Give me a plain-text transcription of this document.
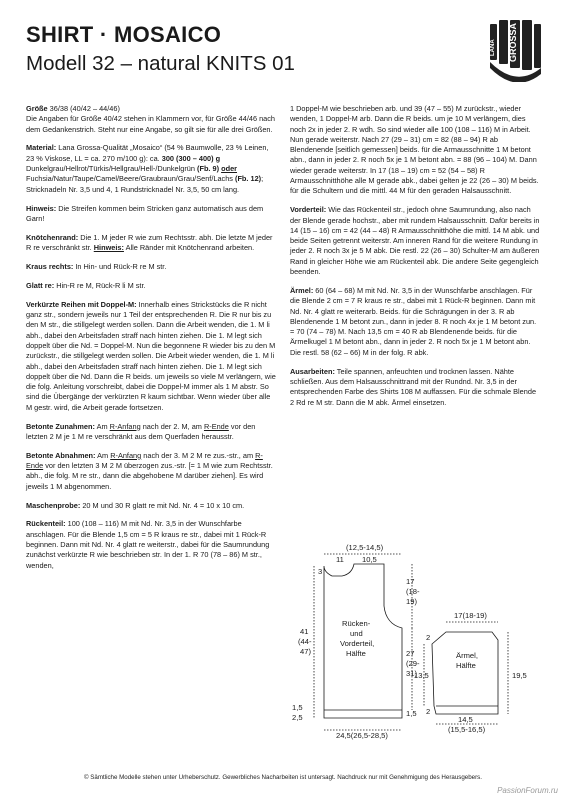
SHIRT · MOSAICO
Modell 32 – natural KNITS 01
LANA GROSSA

Größe 36/38 (40/42 – 44/46)
Die Angaben für Größe 40/42 stehen in Klammern vor, für Größe 44/46 nach dem Gedankenstrich. Steht nur eine Angabe, so gilt sie für alle drei Größen.

Material: Lana Grossa-Qualität „Mosaico“ (54 % Baumwolle, 23 % Leinen, 23 % Viskose, LL = ca. 270 m/100 g): ca. 300 (300 – 400) g Dunkelgrau/Hellrot/Türkis/Hellgrau/Hell-/Dunkelgrün (Fb. 9) oder Fuchsia/Natur/Taupe/Camel/Beere/Graubraun/Grau/Senf/Lachs (Fb. 12); Stricknadeln Nr. 3,5 und 4, 1 Rundstricknadel Nr. 3,5, 50 cm lang.

Hinweis: Die Streifen kommen beim Stricken ganz automatisch aus dem Garn!

Knötchenrand: Die 1. M jeder R wie zum Rechtsstr. abh. Die letzte M jeder R re verschränkt str. Hinweis: Alle Ränder mit Knötchenrand arbeiten.

Kraus rechts: In Hin- und Rück-R re M str.

Glatt re: Hin-R re M, Rück-R li M str.

Verkürzte Reihen mit Doppel-M: Innerhalb eines Strickstücks die R nicht ganz str., sondern jeweils nur 1 Teil der entsprechenden R. Die R nur bis zu den M str., die stillgelegt werden sollen. Dann die Arbeit wenden, die 1. M li abh., dabei den Arbeitsfaden straff nach hinten ziehen. Die 1. M legt sich doppelt über die Nd. = Doppel-M. Nun die begonnene R wieder bis zu den M zurückstr., die stillgelegt werden sollen. Die Arbeit wieder wenden, die 1. M li abh., dabei den Arbeitsfaden straff nach hinten ziehen. Die 1. M legt sich doppelt über die Nd. Dann die R beids. um jeweils so viele M verlängern, wie die folg. Anleitung vorschreibt, dabei die Doppel-M immer als 1 M abstr. So sind die Übergänge der verkürzten R kaum sichtbar. Wenn wieder über alle M gestr. wird, die Arbeit gerade fortsetzen.

Betonte Zunahmen: Am R-Anfang nach der 2. M, am R-Ende vor den letzten 2 M je 1 M re verschränkt aus dem Querfaden herausstr.

Betonte Abnahmen: Am R-Anfang nach der 3. M 2 M re zus.-str., am R-Ende vor den letzten 3 M 2 M überzogen zus.-str. [= 1 M wie zum Rechtsstr. abh., die folg. M re str., dann die abgehobene M darüber ziehen]. Es wird jeweils 1 M abgenommen.

Maschenprobe: 20 M und 30 R glatt re mit Nd. Nr. 4 = 10 x 10 cm.

Rückenteil: 100 (108 – 116) M mit Nd. Nr. 3,5 in der Wunschfarbe anschlagen. Für die Blende 1,5 cm = 5 R kraus re str., dabei mit 1 Rück-R beginnen. Dann mit Nd. Nr. 4 glatt re weiterstr., dabei für die Saumrundung zunächst verkürzte R wie beschrieben str. In der 1. R 70 (78 – 86) M str., wenden,

1 Doppel-M wie beschrieben arb. und 39 (47 – 55) M zurückstr., wieder wenden, 1 Doppel-M arb. Dann die R beids. um je 10 M verlängern, dies noch 2x in jeder 2. R wdh. So sind wieder alle 100 (108 – 116) M in Arbeit. Nun gerade weiterstr. Nach 27 (29 – 31) cm = 82 (88 – 94) R ab Blendenende [seitlich gemessen] beids. für die Armausschnitte 1 M betont abn., dann in jeder 2. R noch 5x je 1 M betont abn. = 88 (96 – 104) M. Dann wieder gerade weiterstr. In 17 (18 – 19) cm = 52 (54 – 58) R Armausschnitthöhe alle M gerade abk., dabei gelten je 22 (26 – 30) M beids. für die Schultern und die mittl. 44 M für den geraden Halsausschnitt.

Vorderteil: Wie das Rückenteil str., jedoch ohne Saumrundung, also nach der Blende gerade hochstr., aber mit rundem Halsausschnitt. Dafür bereits in 14 (15 – 16) cm = 42 (44 – 48) R Armausschnitthöhe die mittl. 14 M abk. und beide Seiten getrennt weiterstr. Am inneren Rand für die weitere Rundung in jeder 2. R noch 3x je 5 M abk. Die restl. 22 (26 – 30) Schulter-M am äußeren Rand in gleicher Höhe wie am Rückenteil abk. Die andere Seite gegengleich beenden.

Ärmel: 60 (64 – 68) M mit Nd. Nr. 3,5 in der Wunschfarbe anschlagen. Für die Blende 2 cm = 7 R kraus re str., dabei mit 1 Rück-R beginnen. Dann mit Nd. Nr. 4 glatt re weiterarb. Beids. für die Schrägungen in der 3. R ab Blendenende 1 M betont zun., dann in jeder 8. R noch 4x je 1 M betont zun. = 70 (74 – 78) M. Nach 13,5 cm = 40 R ab Blendenende beids. für die Ärmelkugel 1 M betont abn., dann in jeder 2. R noch 5x je 1 M betont abn. Die restl. 58 (62 – 66) M in der folg. R abk.

Ausarbeiten: Teile spannen, anfeuchten und trocknen lassen. Nähte schließen. Aus dem Halsausschnittrand mit der Rundnd. Nr. 3,5 in der entsprechenden Farbe des Shirts 108 M auffassen. Für die schmale Blende 2 Rd re M str. Dann die M abk. Ärmel einsetzen.

(12,5-14,5)
11 10,5
3
17
(18-
19)
Rücken-
und
Vorderteil,
Hälfte
41
(44-
47)	27
(29-
31)
1,5
2,5	1,5
24,5(26,5-28,5)
17(18-19)
Ärmel,
Hälfte
2
13,5	19,5
2
14,5
(15,5-16,5)
© Sämtliche Modelle stehen unter Urheberschutz. Gewerbliches Nacharbeiten ist untersagt. Nachdruck nur mit Genehmigung des Herausgebers.
PassionForum.ru
